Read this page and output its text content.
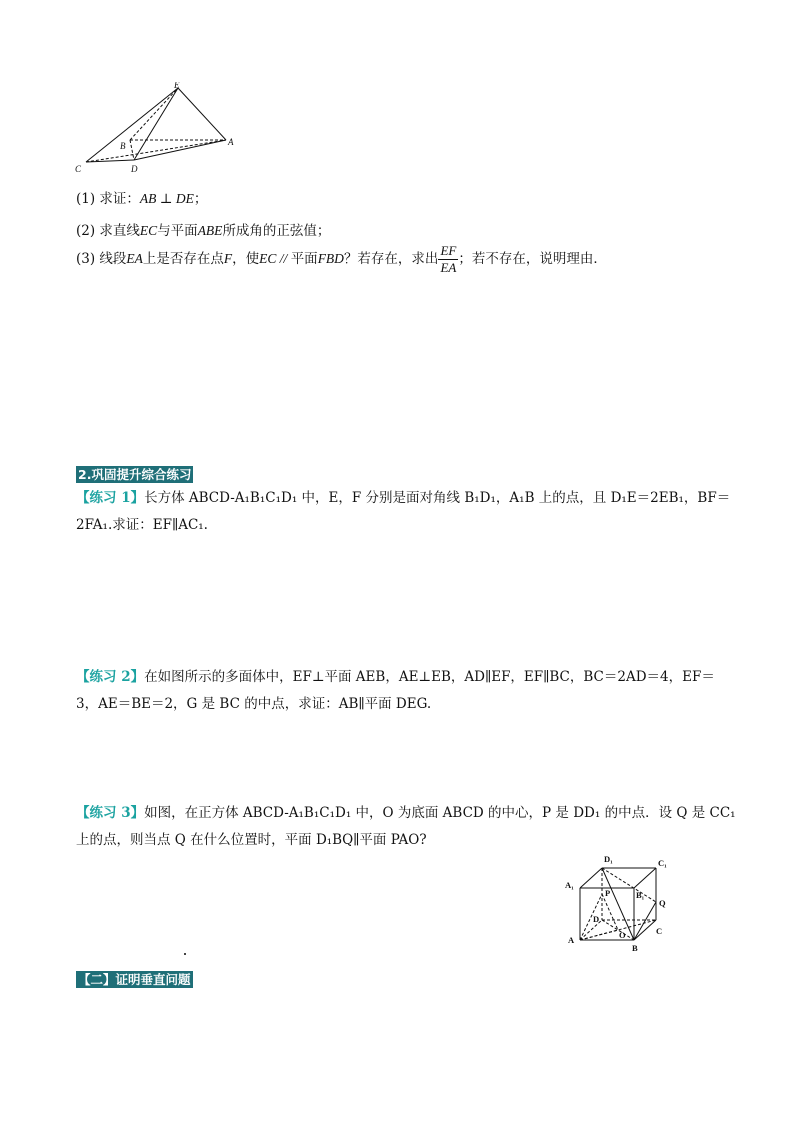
E
B	A
C	D
(1) 求证：AB ⊥ DE；
(2) 求直线EC与平面ABE所成角的正弦值；
(3) 线段EA上是否存在点F，使EC // 平面FBD？若存在，求出 $\frac{EF}{EA}$ ；若不存在，说明理由．
2.巩固提升综合练习
【练习 1】长方体 ABCD-A₁B₁C₁D₁ 中，E，F 分别是面对角线 B₁D₁，A₁B 上的点，且 D₁E＝2EB₁，BF＝
2FA₁.求证：EF∥AC₁.
【练习 2】在如图所示的多面体中，EF⊥平面 AEB，AE⊥EB，AD∥EF，EF∥BC，BC＝2AD＝4，EF＝
3，AE＝BE＝2，G 是 BC 的中点，求证：AB∥平面 DEG.
【练习 3】如图，在正方体 ABCD-A₁B₁C₁D₁ 中，O 为底面 ABCD 的中心，P 是 DD₁ 的中点．设 Q 是 CC₁
上的点，则当点 Q 在什么位置时，平面 D₁BQ∥平面 PAO?
D₁	C₁
A₁
B₁
P
Q
D
A	O
B
C
【二】证明垂直问题
